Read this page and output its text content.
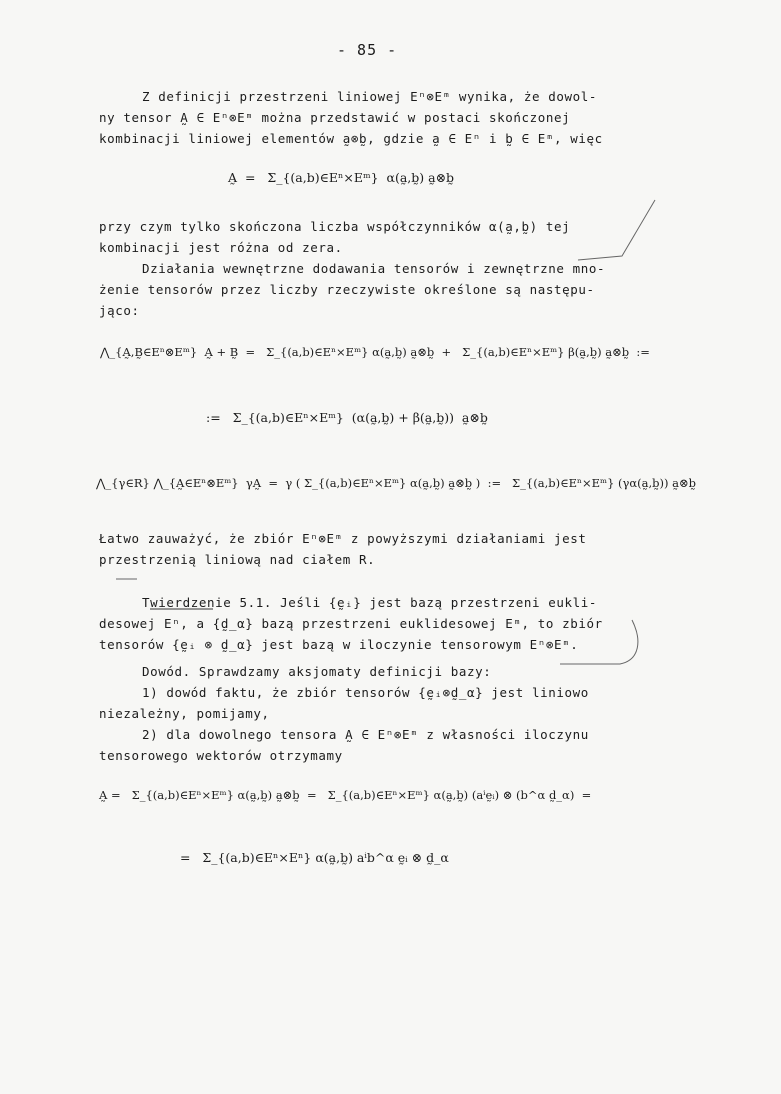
- 85 -
Z definicji przestrzeni liniowej Eⁿ⊗Eᵐ wynika, że dowol-
ny tensor A̰ ∈ Eⁿ⊗Eᵐ można przedstawić w postaci skończonej
kombinacji liniowej elementów a̰⊗b̰, gdzie a̰ ∈ Eⁿ i b̰ ∈ Eᵐ, więc
A̰  =   Σ_{(a,b)∈Eⁿ×Eᵐ}  α(a̰,b̰) a̰⊗b̰
przy czym tylko skończona liczba współczynników α(a̰,b̰) tej
kombinacji jest różna od zera.
Działania wewnętrzne dodawania tensorów i zewnętrzne mno-
żenie tensorów przez liczby rzeczywiste określone są następu-
jąco:
⋀_{A̰,B̰∈Eⁿ⊗Eᵐ}  A̰ + B̰  =   Σ_{(a,b)∈Eⁿ×Eᵐ} α(a̰,b̰) a̰⊗b̰  +   Σ_{(a,b)∈Eⁿ×Eᵐ} β(a̰,b̰) a̰⊗b̰  :=
:=   Σ_{(a,b)∈Eⁿ×Eᵐ}  (α(a̰,b̰) + β(a̰,b̰))  a̰⊗b̰
⋀_{γ∈R} ⋀_{A̰∈Eⁿ⊗Eᵐ}  γA̰  =  γ ( Σ_{(a,b)∈Eⁿ×Eᵐ} α(a̰,b̰) a̰⊗b̰ )  :=   Σ_{(a,b)∈Eⁿ×Eᵐ} (γα(a̰,b̰)) a̰⊗b̰
Łatwo zauważyć, że zbiór Eⁿ⊗Eᵐ z powyższymi działaniami jest
przestrzenią liniową nad ciałem R.
Twierdzenie 5.1. Jeśli {ḛᵢ} jest bazą przestrzeni eukli-
desowej Eⁿ, a {d̰_α} bazą przestrzeni euklidesowej Eᵐ, to zbiór
tensorów {ḛᵢ ⊗ d̰_α} jest bazą w iloczynie tensorowym Eⁿ⊗Eᵐ.
Dowód. Sprawdzamy aksjomaty definicji bazy:
1) dowód faktu, że zbiór tensorów {ḛᵢ⊗d̰_α} jest liniowo
niezależny, pomijamy,
2) dla dowolnego tensora A̰ ∈ Eⁿ⊗Eᵐ z własności iloczynu
tensorowego wektorów otrzymamy
A̰ =   Σ_{(a,b)∈Eⁿ×Eᵐ} α(a̰,b̰) a̰⊗b̰  =   Σ_{(a,b)∈Eⁿ×Eᵐ} α(a̰,b̰) (aⁱḛᵢ) ⊗ (b^α d̰_α)  =
=   Σ_{(a,b)∈Eⁿ×Eⁿ} α(a̰,b̰) aⁱb^α ḛᵢ ⊗ d̰_α
